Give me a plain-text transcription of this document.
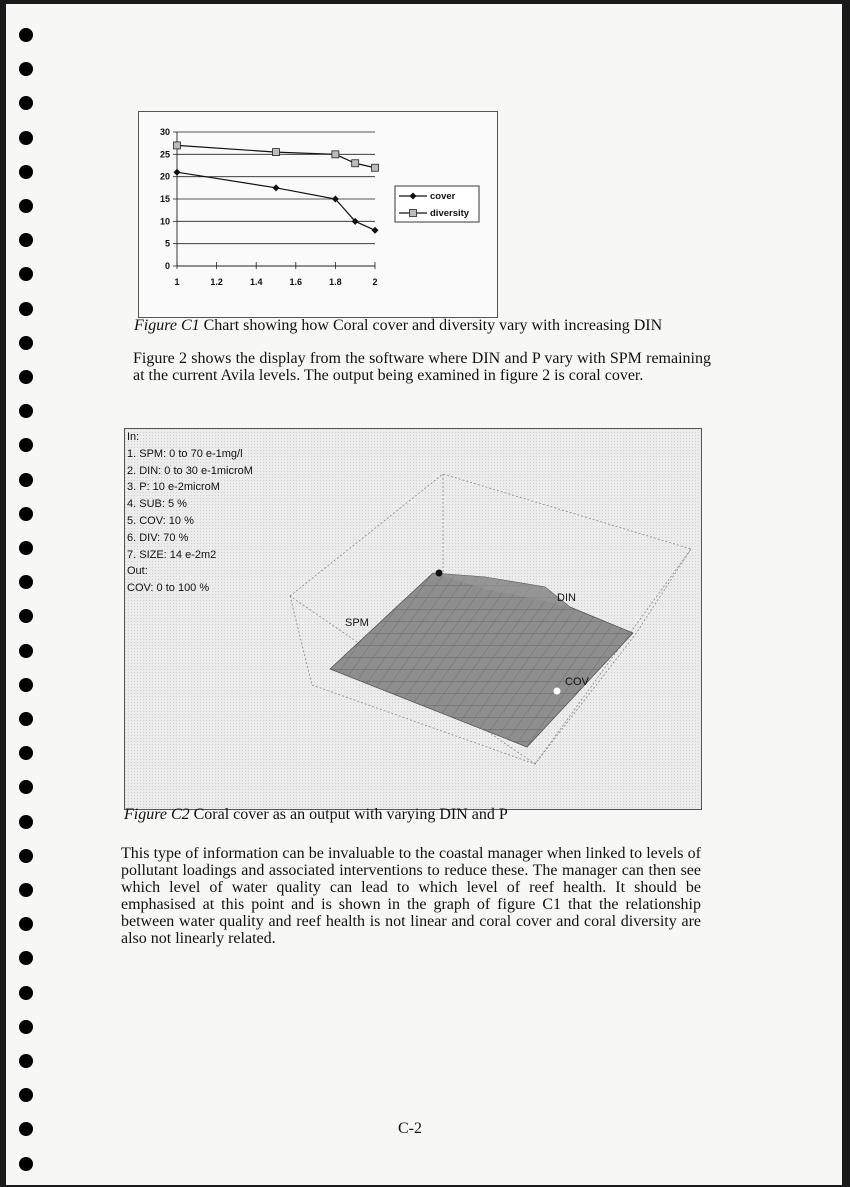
0
5
10
15
20
25
30
1	1.2	1.4	1.6	1.8	2
cover
diversity
Figure C1 Chart showing how Coral cover and diversity vary with increasing DIN
Figure 2 shows the display from the software where DIN and P vary with SPM remaining at the current Avila levels. The output being examined in figure 2 is coral cover.
SPM
DIN
COV
In:
1. SPM: 0 to 70 e-1mg/l
2. DIN: 0 to 30 e-1microM
3. P: 10 e-2microM
4. SUB: 5 %
5. COV: 10 %
6. DIV: 70 %
7. SIZE: 14 e-2m2
Out:
COV: 0 to 100 %
Figure C2 Coral cover as an output with varying DIN and P
This type of information can be invaluable to the coastal manager when linked to levels of pollutant loadings and associated interventions to reduce these. The manager can then see which level of water quality can lead to which level of reef health. It should be emphasised at this point and is shown in the graph of figure C1 that the relationship between water quality and reef health is not linear and coral cover and coral diversity are also not linearly related.
C-2
